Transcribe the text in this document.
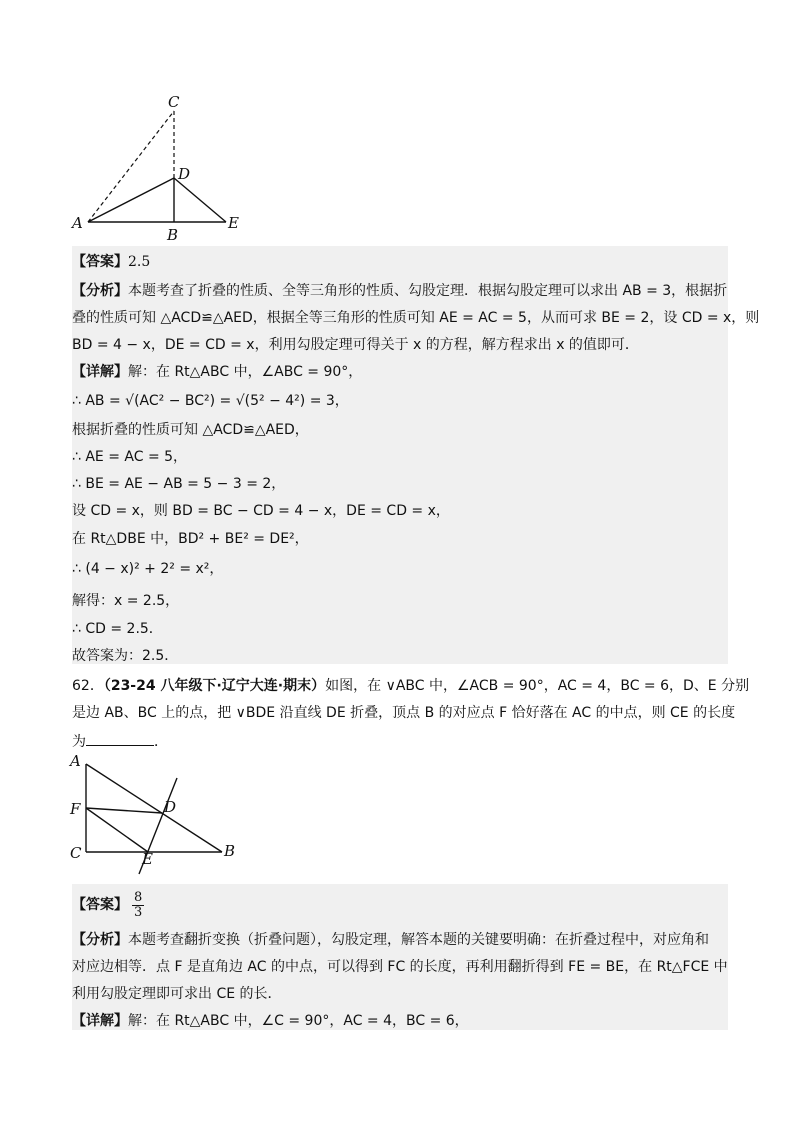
C
D
A
B
E
【答案】2.5
【分析】本题考查了折叠的性质、全等三角形的性质、勾股定理．根据勾股定理可以求出 AB = 3，根据折
叠的性质可知 △ACD≌△AED，根据全等三角形的性质可知 AE = AC = 5，从而可求 BE = 2，设 CD = x，则
BD = 4 − x，DE = CD = x，利用勾股定理可得关于 x 的方程，解方程求出 x 的值即可．
【详解】解：在 Rt△ABC 中，∠ABC = 90°，
∴ AB = √(AC² − BC²) = √(5² − 4²) = 3，
根据折叠的性质可知 △ACD≌△AED，
∴ AE = AC = 5，
∴ BE = AE − AB = 5 − 3 = 2，
设 CD = x，则 BD = BC − CD = 4 − x，DE = CD = x，
在 Rt△DBE 中，BD² + BE² = DE²，
∴ (4 − x)² + 2² = x²，
解得：x = 2.5，
∴ CD = 2.5．
故答案为：2.5．
62．（23-24 八年级下·辽宁大连·期末）如图，在 ∨ABC 中，∠ACB = 90°，AC = 4，BC = 6，D、E 分别
是边 AB、BC 上的点，把 ∨BDE 沿直线 DE 折叠，顶点 B 的对应点 F 恰好落在 AC 的中点，则 CE 的长度
为	．
A
F
C
D
E	B
【答案】 $\frac{8}{3}$
【分析】本题考查翻折变换（折叠问题），勾股定理，解答本题的关键要明确：在折叠过程中，对应角和
对应边相等．点 F 是直角边 AC 的中点，可以得到 FC 的长度，再利用翻折得到 FE = BE，在 Rt△FCE 中
利用勾股定理即可求出 CE 的长．
【详解】解：在 Rt△ABC 中，∠C = 90°，AC = 4，BC = 6，
